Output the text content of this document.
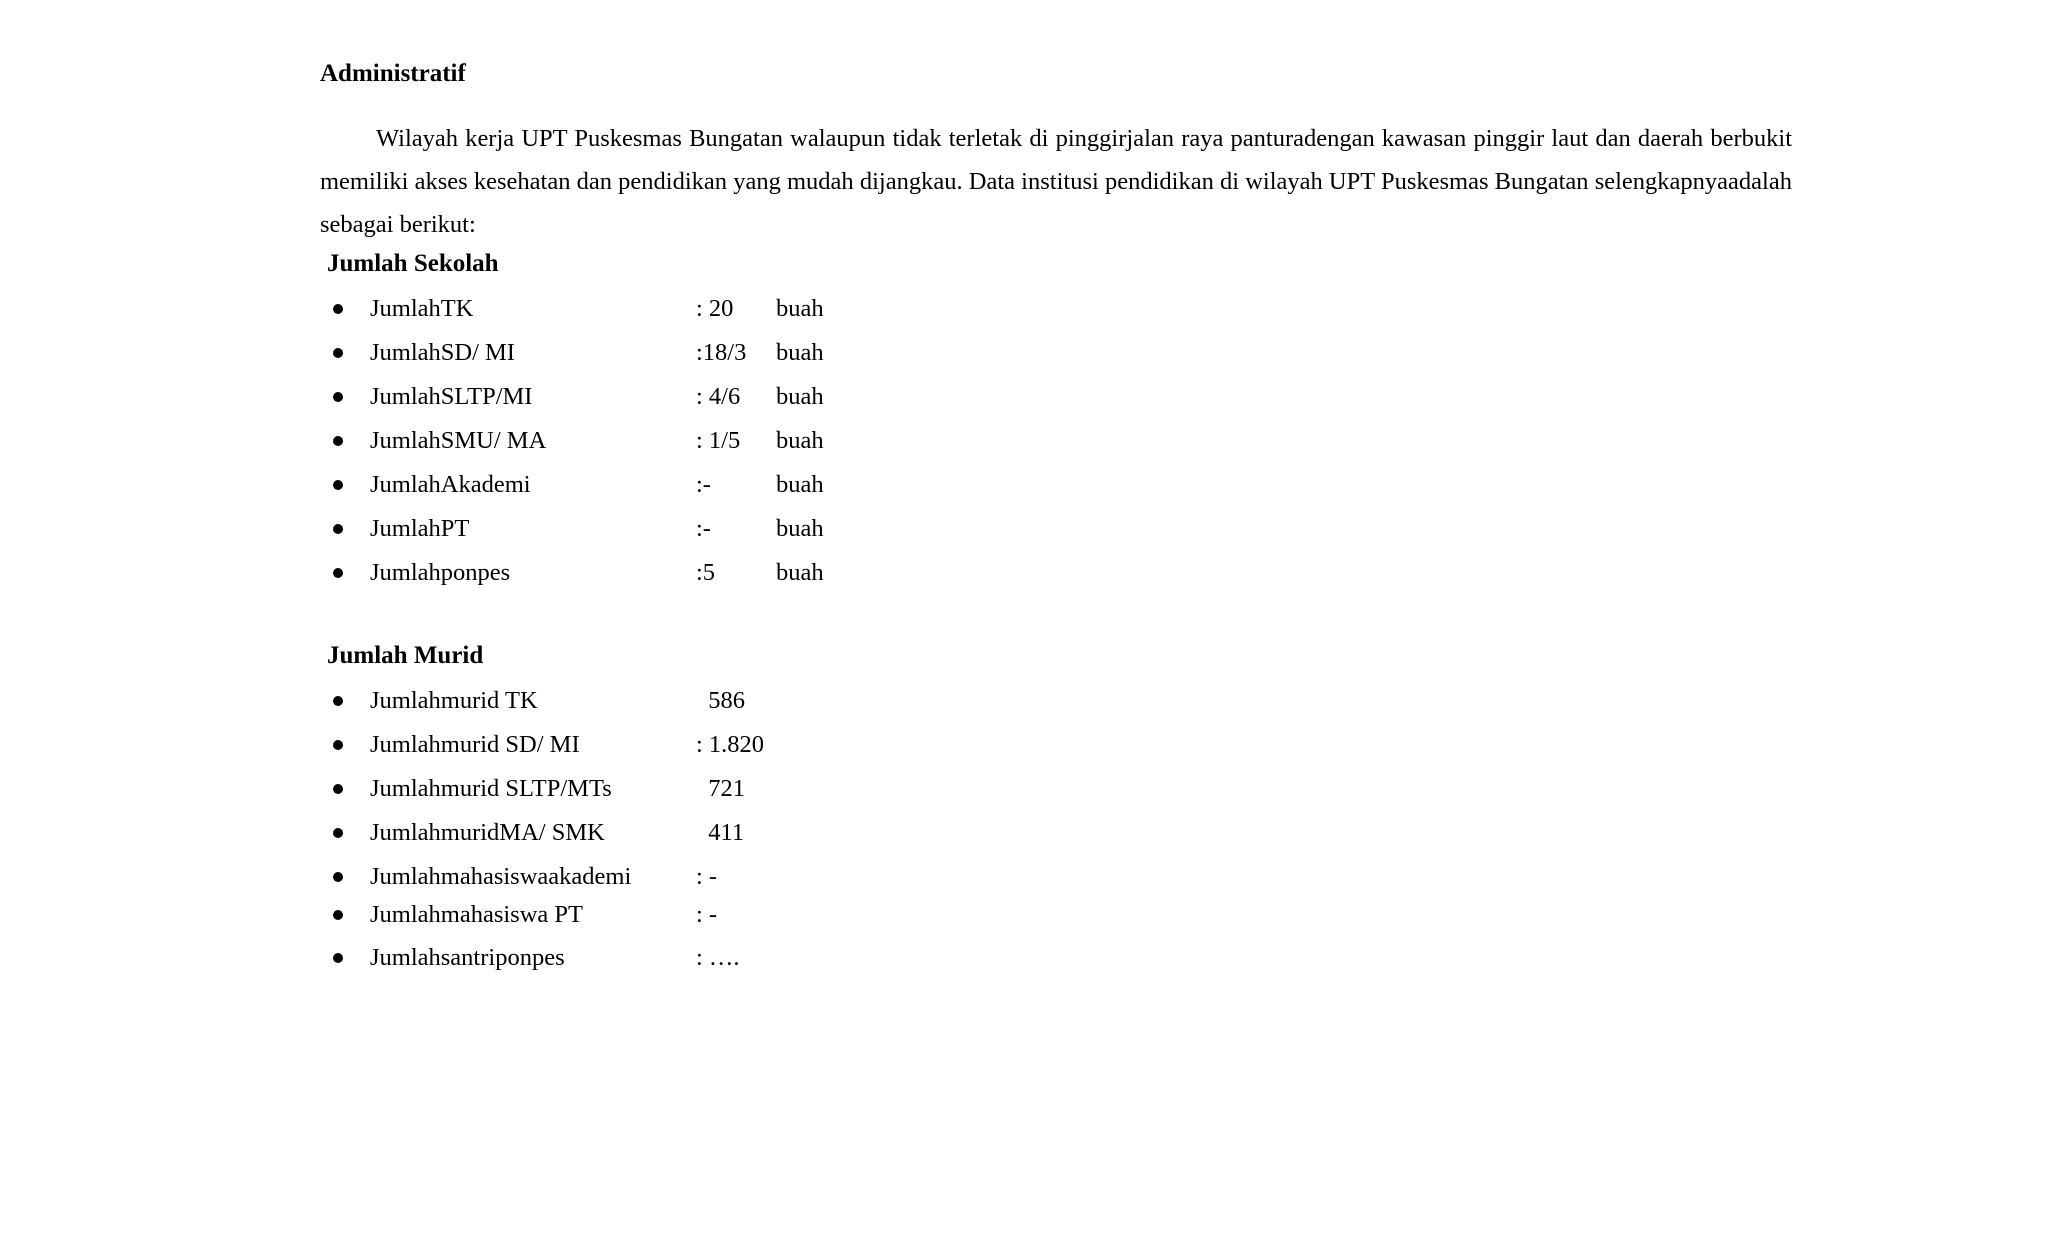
Administratif

Wilayah kerja UPT Puskesmas Bungatan walaupun tidak terletak di pinggirjalan raya panturadengan kawasan pinggir laut dan daerah berbukit memiliki akses kesehatan dan pendidikan yang mudah dijangkau. Data institusi pendidikan di wilayah UPT Puskesmas Bungatan selengkapnyaadalah sebagai berikut:

Jumlah Sekolah
JumlahTK	: 20 buah
JumlahSD/ MI	:18/3 buah
JumlahSLTP/MI	: 4/6 buah
JumlahSMU/ MA	: 1/5 buah
JumlahAkademi	:-	buah
JumlahPT	:-	buah
Jumlahponpes	:5 buah
Jumlah Murid
Jumlahmurid TK	586
Jumlahmurid SD/ MI	: 1.820
Jumlahmurid SLTP/MTs	721
JumlahmuridMA/ SMK	411
Jumlahmahasiswaakademi	: -
Jumlahmahasiswa PT	: -
Jumlahsantriponpes	: ….
